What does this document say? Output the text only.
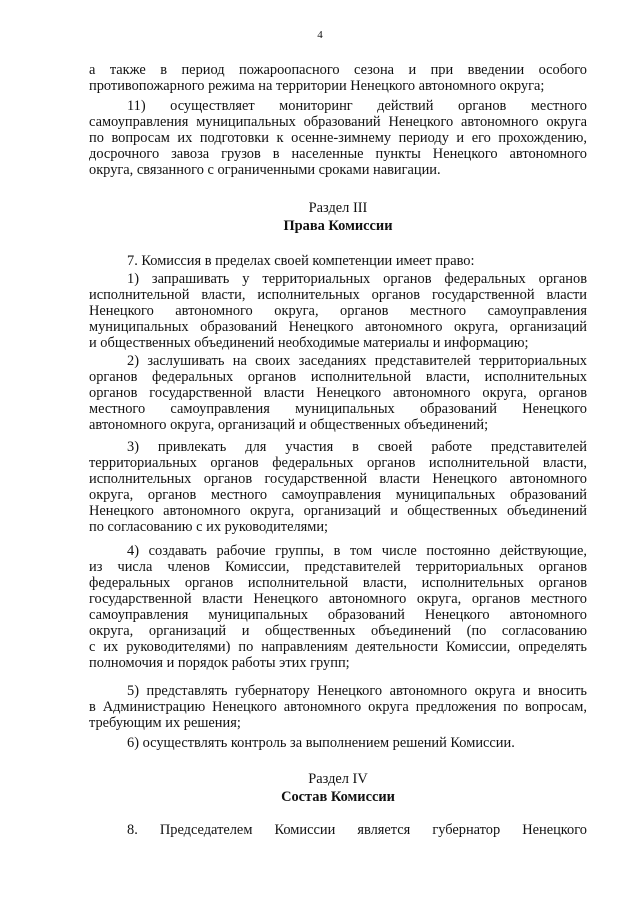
4
а также в период пожароопасного сезона и при введении особого
противопожарного режима на территории Ненецкого автономного округа;
11) осуществляет мониторинг действий органов местного
самоуправления муниципальных образований Ненецкого автономного округа
по вопросам их подготовки к осенне-зимнему периоду и его прохождению,
досрочного завоза грузов в населенные пункты Ненецкого автономного
округа, связанного с ограниченными сроками навигации.
Раздел III
Права Комиссии
7. Комиссия в пределах своей компетенции имеет право:
1) запрашивать у территориальных органов федеральных органов
исполнительной власти, исполнительных органов государственной власти
Ненецкого автономного округа, органов местного самоуправления
муниципальных образований Ненецкого автономного округа, организаций
и общественных объединений необходимые материалы и информацию;
2) заслушивать на своих заседаниях представителей территориальных
органов федеральных органов исполнительной власти, исполнительных
органов государственной власти Ненецкого автономного округа, органов
местного самоуправления муниципальных образований Ненецкого
автономного округа, организаций и общественных объединений;
3) привлекать для участия в своей работе представителей
территориальных органов федеральных органов исполнительной власти,
исполнительных органов государственной власти Ненецкого автономного
округа, органов местного самоуправления муниципальных образований
Ненецкого автономного округа, организаций и общественных объединений
по согласованию с их руководителями;
4) создавать рабочие группы, в том числе постоянно действующие,
из числа членов Комиссии, представителей территориальных органов
федеральных органов исполнительной власти, исполнительных органов
государственной власти Ненецкого автономного округа, органов местного
самоуправления муниципальных образований Ненецкого автономного
округа, организаций и общественных объединений (по согласованию
с их руководителями) по направлениям деятельности Комиссии, определять
полномочия и порядок работы этих групп;
5) представлять губернатору Ненецкого автономного округа и вносить
в Администрацию Ненецкого автономного округа предложения по вопросам,
требующим их решения;
6) осуществлять контроль за выполнением решений Комиссии.
Раздел IV
Состав Комиссии
8. Председателем Комиссии является губернатор Ненецкого
